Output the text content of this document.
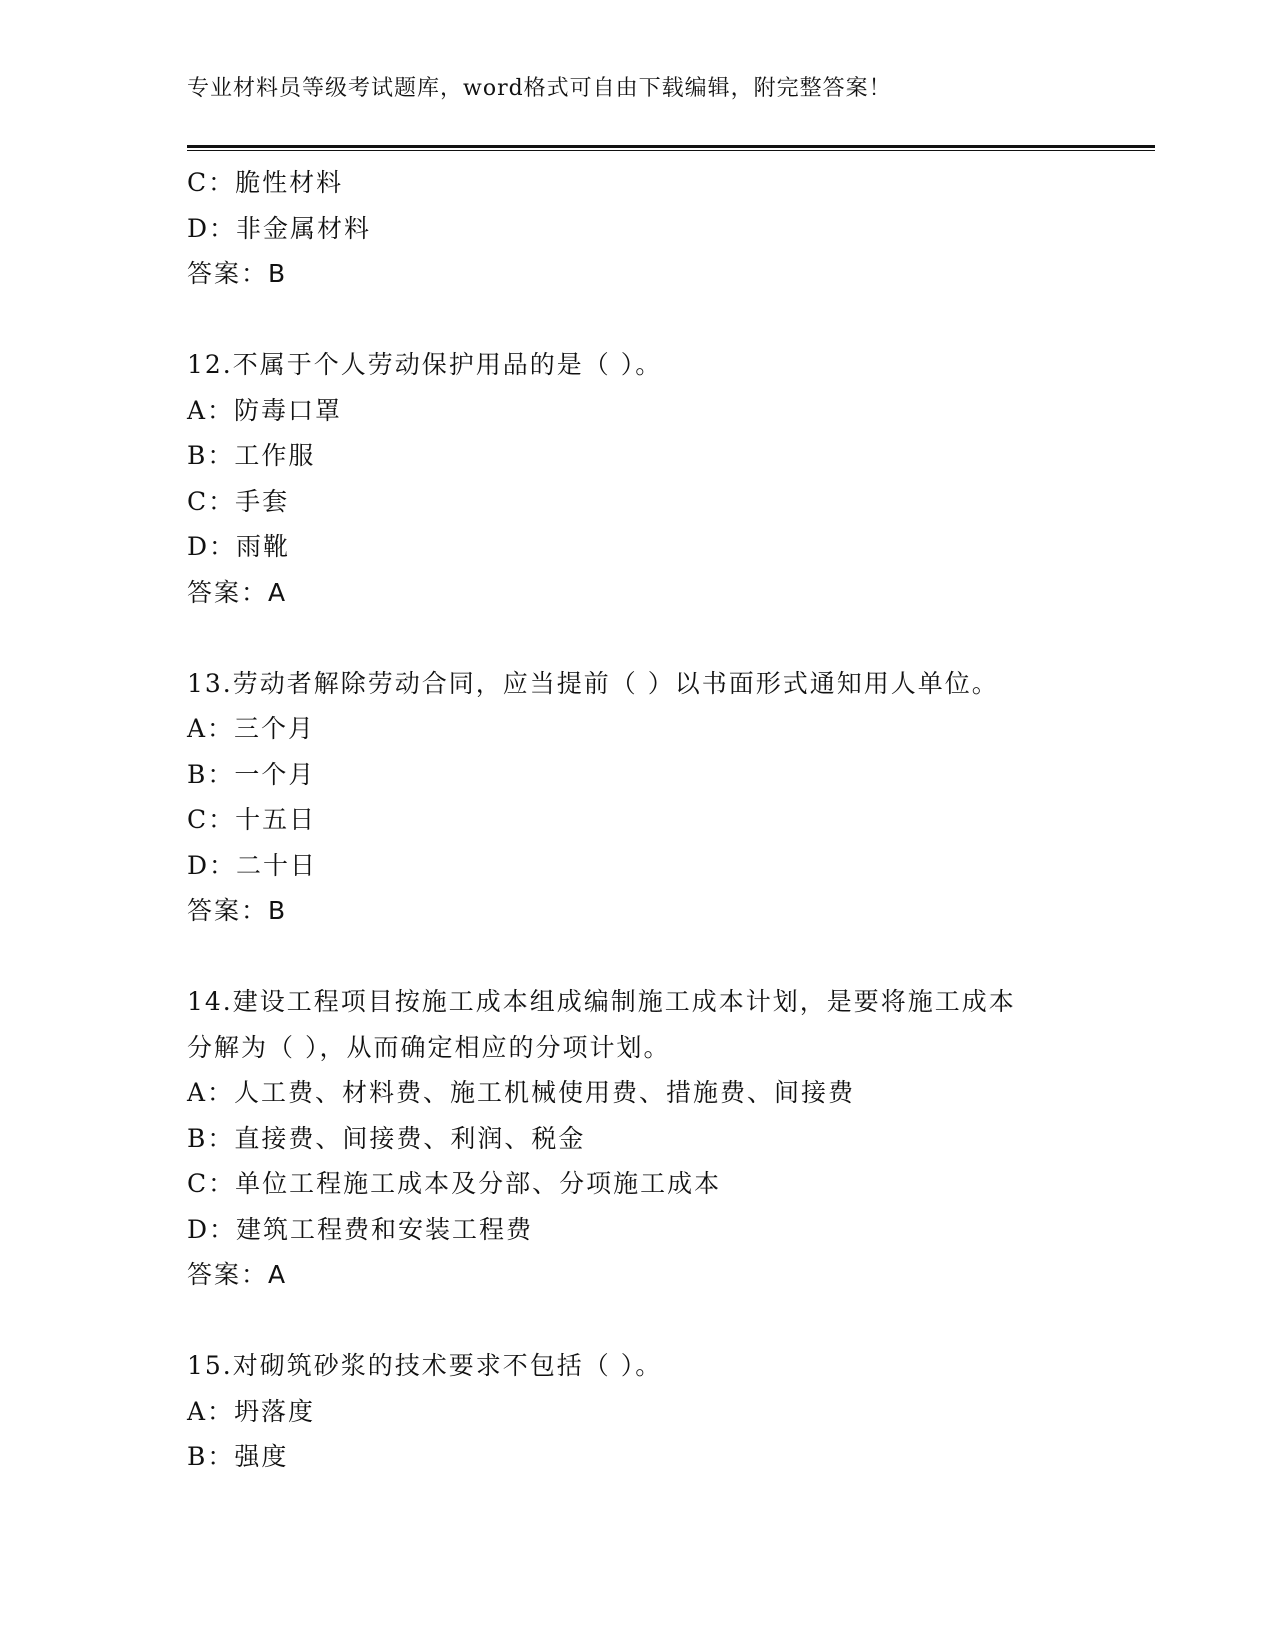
专业材料员等级考试题库，word格式可自由下载编辑，附完整答案！
C：脆性材料
D：非金属材料
答案：B
12.不属于个人劳动保护用品的是（ ）。
A：防毒口罩
B：工作服
C：手套
D：雨靴
答案：A
13.劳动者解除劳动合同，应当提前（ ）以书面形式通知用人单位。
A：三个月
B：一个月
C：十五日
D：二十日
答案：B
14.建设工程项目按施工成本组成编制施工成本计划，是要将施工成本
分解为（ ），从而确定相应的分项计划。
A：人工费、材料费、施工机械使用费、措施费、间接费
B：直接费、间接费、利润、税金
C：单位工程施工成本及分部、分项施工成本
D：建筑工程费和安装工程费
答案：A
15.对砌筑砂浆的技术要求不包括（ ）。
A：坍落度
B：强度
